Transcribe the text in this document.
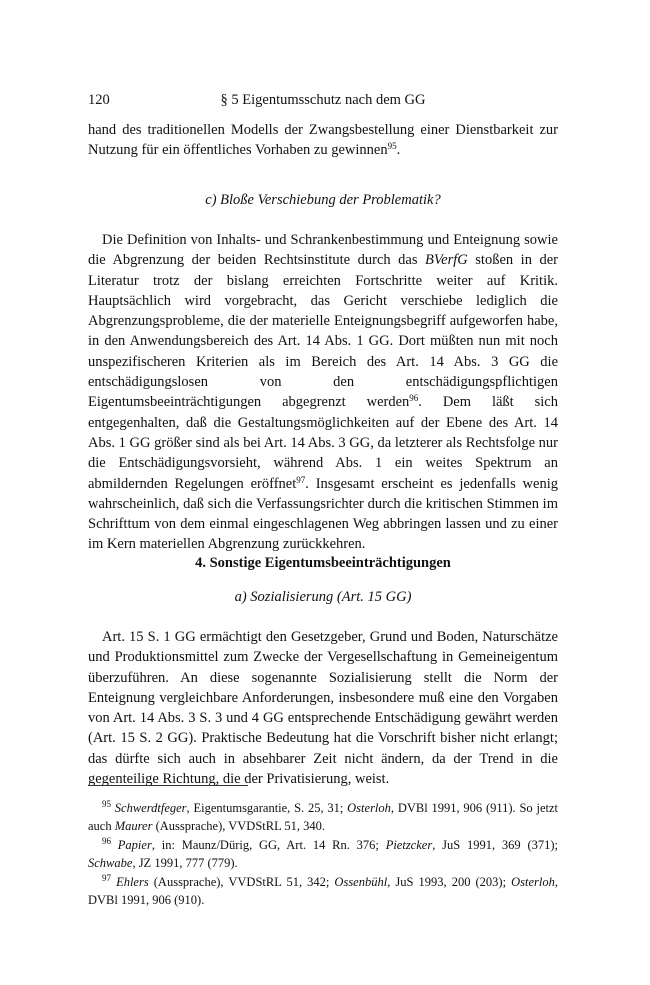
120	§ 5 Eigentumsschutz nach dem GG

hand des traditionellen Modells der Zwangsbestellung einer Dienstbarkeit zur Nutzung für ein öffentliches Vorhaben zu gewinnen$^{95}$.

c) Bloße Verschiebung der Problematik?

Die Definition von Inhalts- und Schrankenbestimmung und Enteignung sowie die Abgrenzung der beiden Rechtsinstitute durch das BVerfG stoßen in der Literatur trotz der bislang erreichten Fortschritte weiter auf Kritik. Hauptsächlich wird vorgebracht, das Gericht verschiebe lediglich die Abgrenzungsprobleme, die der materielle Enteignungsbegriff aufgeworfen habe, in den Anwendungsbereich des Art. 14 Abs. 1 GG. Dort müßten nun mit noch unspezifischeren Kriterien als im Bereich des Art. 14 Abs. 3 GG die entschädigungslosen von den entschädigungspflichtigen Eigentumsbeeinträchtigungen abgegrenzt werden$^{96}$. Dem läßt sich entgegenhalten, daß die Gestaltungsmöglichkeiten auf der Ebene des Art. 14 Abs. 1 GG größer sind als bei Art. 14 Abs. 3 GG, da letzterer als Rechtsfolge nur die Entschädigungsvorsieht, während Abs. 1 ein weites Spektrum an abmildernden Regelungen eröffnet$^{97}$. Insgesamt erscheint es jedenfalls wenig wahrscheinlich, daß sich die Verfassungsrichter durch die kritischen Stimmen im Schrifttum von dem einmal eingeschlagenen Weg abbringen lassen und zu einer im Kern materiellen Abgrenzung zurückkehren.

4. Sonstige Eigentumsbeeinträchtigungen
a) Sozialisierung (Art. 15 GG)

Art. 15 S. 1 GG ermächtigt den Gesetzgeber, Grund und Boden, Naturschätze und Produktionsmittel zum Zwecke der Vergesellschaftung in Gemeineigentum überzuführen. An diese sogenannte Sozialisierung stellt die Norm der Enteignung vergleichbare Anforderungen, insbesondere muß eine den Vorgaben von Art. 14 Abs. 3 S. 3 und 4 GG entsprechende Entschädigung gewährt werden (Art. 15 S. 2 GG). Praktische Bedeutung hat die Vorschrift bisher nicht erlangt; das dürfte sich auch in absehbarer Zeit nicht ändern, da der Trend in die gegenteilige Richtung, die der Privatisierung, weist.

$^{95}$ Schwerdtfeger, Eigentumsgarantie, S. 25, 31; Osterloh, DVBl 1991, 906 (911). So jetzt auch Maurer (Aussprache), VVDStRL 51, 340.

$^{96}$ Papier, in: Maunz/Dürig, GG, Art. 14 Rn. 376; Pietzcker, JuS 1991, 369 (371); Schwabe, JZ 1991, 777 (779).

$^{97}$ Ehlers (Aussprache), VVDStRL 51, 342; Ossenbühl, JuS 1993, 200 (203); Osterloh, DVBl 1991, 906 (910).
